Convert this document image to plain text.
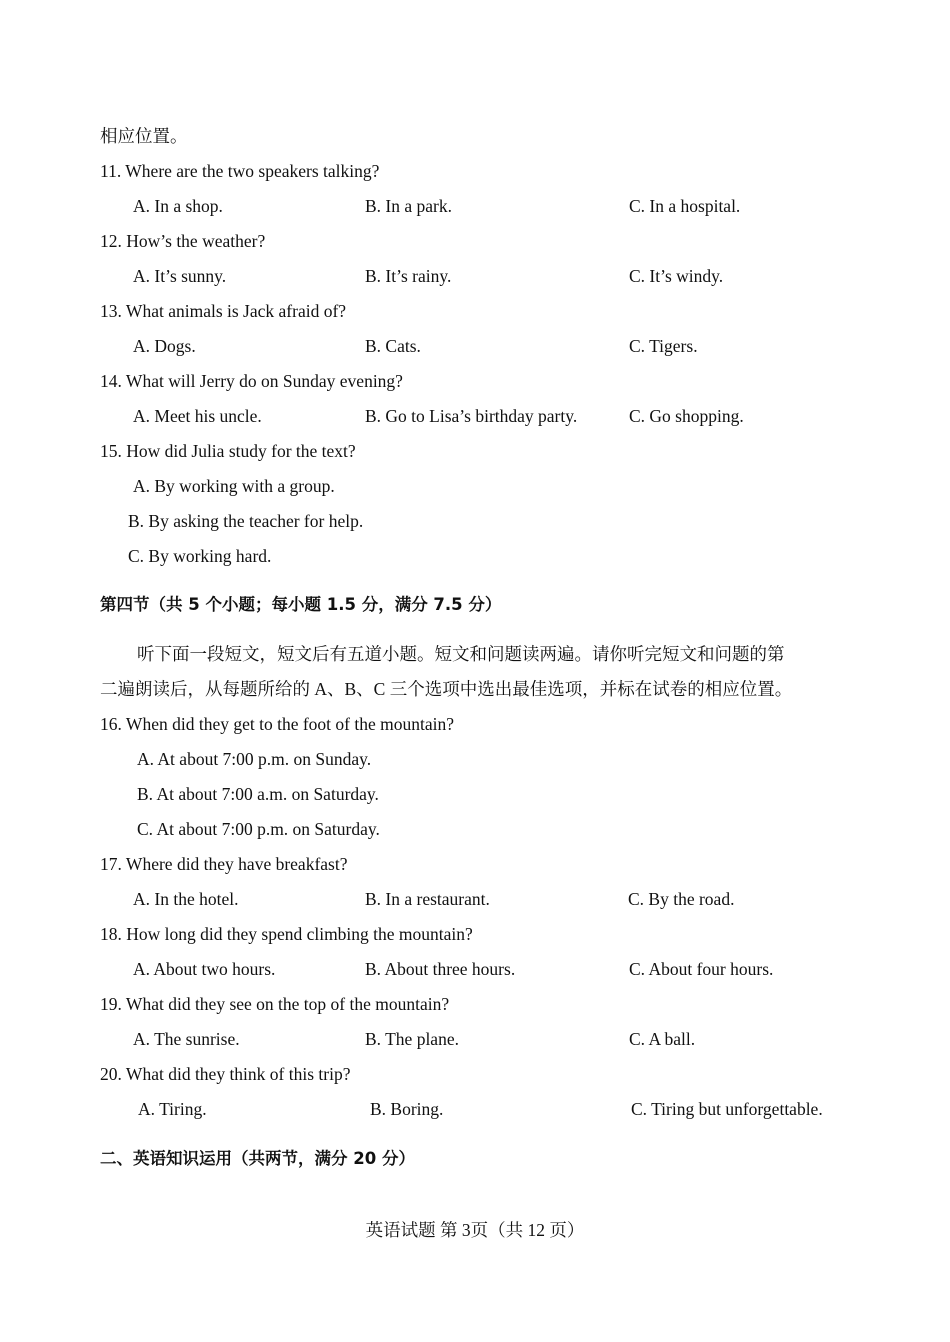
相应位置。
11. Where are the two speakers talking?
A. In a shop.	B. In a park.	C. In a hospital.
12. How’s the weather?
A. It’s sunny.	B. It’s rainy.	C. It’s windy.
13. What animals is Jack afraid of?
A. Dogs.	B. Cats.	C. Tigers.
14. What will Jerry do on Sunday evening?
A. Meet his uncle.	B. Go to Lisa’s birthday party.	C. Go shopping.
15. How did Julia study for the text?
A. By working with a group.
B. By asking the teacher for help.
C. By working hard.
第四节（共 5 个小题；每小题 1.5 分，满分 7.5 分）
听下面一段短文，短文后有五道小题。短文和问题读两遍。请你听完短文和问题的第
二遍朗读后，从每题所给的 A、B、C 三个选项中选出最佳选项，并标在试卷的相应位置。
16. When did they get to the foot of the mountain?
A. At about 7:00 p.m. on Sunday.
B. At about 7:00 a.m. on Saturday.
C. At about 7:00 p.m. on Saturday.
17. Where did they have breakfast?
A. In the hotel.	B. In a restaurant.	C. By the road.
18. How long did they spend climbing the mountain?
A. About two hours.	B. About three hours.	C. About four hours.
19. What did they see on the top of the mountain?
A. The sunrise.	B. The plane.	C. A ball.
20. What did they think of this trip?
A. Tiring.	B. Boring.	C. Tiring but unforgettable.
二、英语知识运用（共两节，满分 20 分）
英语试题 第 3页（共 12 页）
